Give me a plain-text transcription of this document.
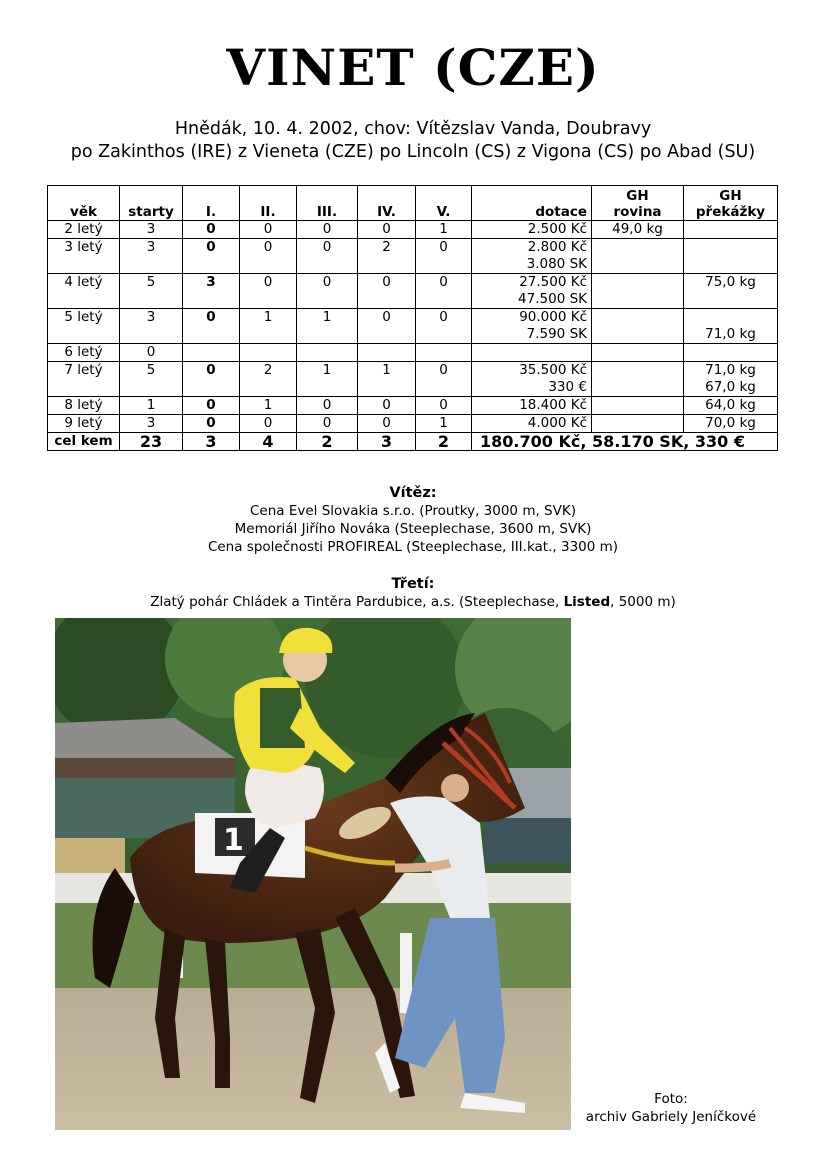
VINET (CZE)
Hnědák, 10. 4. 2002, chov: Vítězslav Vanda, Doubravy
po Zakinthos (IRE) z Vieneta (CZE) po Lincoln (CS) z Vigona (CS) po Abad (SU)
věk	starty	I.	II.	III.	IV.	V.	dotace	GH
rovina	GH
překážky
2 letý	3	0	0	0	0	1	2.500 Kč	49,0 kg	
3 letý	3	0	0	0	2	0	2.800 Kč
3.080 SK		
4 letý	5	3	0	0	0	0	27.500 Kč
47.500 SK		75,0 kg
5 letý	3	0	1	1	0	0	90.000 Kč
7.590 SK		71,0 kg
6 letý	0								
7 letý	5	0	2	1	1	0	35.500 Kč
330 €		71,0 kg
67,0 kg
8 letý	1	0	1	0	0	0	18.400 Kč		64,0 kg
9 letý	3	0	0	0	0	1	4.000 Kč		70,0 kg
cel kem	23	3	4	2	3	2	180.700 Kč, 58.170 SK, 330 €		
Vítěz:
Cena Evel Slovakia s.r.o. (Proutky, 3000 m, SVK)
Memoriál Jiřího Nováka (Steeplechase, 3600 m, SVK)
Cena společnosti PROFIREAL (Steeplechase, III.kat., 3300 m)
Třetí:
Zlatý pohár Chládek a Tintěra Pardubice, a.s. (Steeplechase, Listed, 5000 m)
1
Foto:
archiv Gabriely Jeníčkové
